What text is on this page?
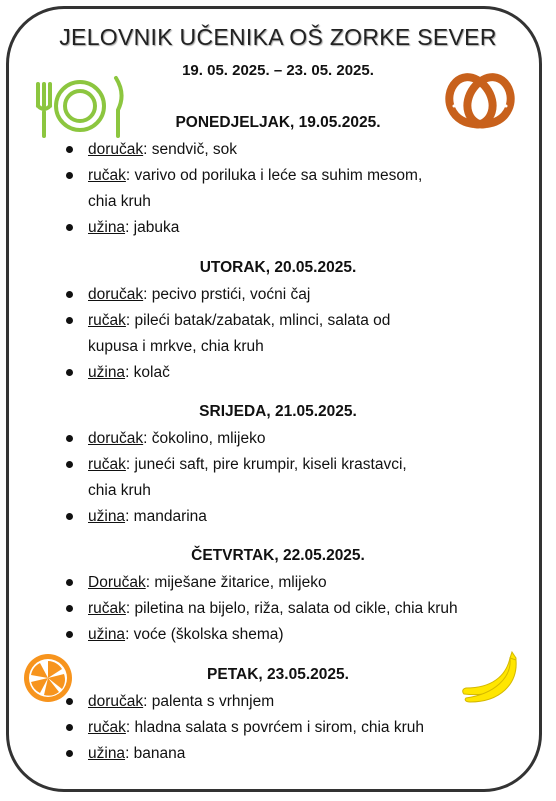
JELOVNIK UČENIKA OŠ ZORKE SEVER
19. 05. 2025. – 23. 05. 2025.
PONEDJELJAK, 19.05.2025.
doručak: sendvič, sok
ručak: varivo od poriluka i leće sa suhim mesom,
chia kruh
užina: jabuka
UTORAK, 20.05.2025.
doručak: pecivo prstići, voćni čaj
ručak: pileći batak/zabatak, mlinci, salata od
kupusa i mrkve, chia kruh
užina: kolač
SRIJEDA, 21.05.2025.
doručak: čokolino, mlijeko
ručak: juneći saft, pire krumpir, kiseli krastavci,
chia kruh
užina: mandarina
ČETVRTAK, 22.05.2025.
Doručak: miješane žitarice, mlijeko
ručak: piletina na bijelo, riža, salata od cikle, chia kruh
užina: voće (školska shema)
PETAK, 23.05.2025.
doručak: palenta s vrhnjem
ručak: hladna salata s povrćem i sirom, chia kruh
užina: banana
